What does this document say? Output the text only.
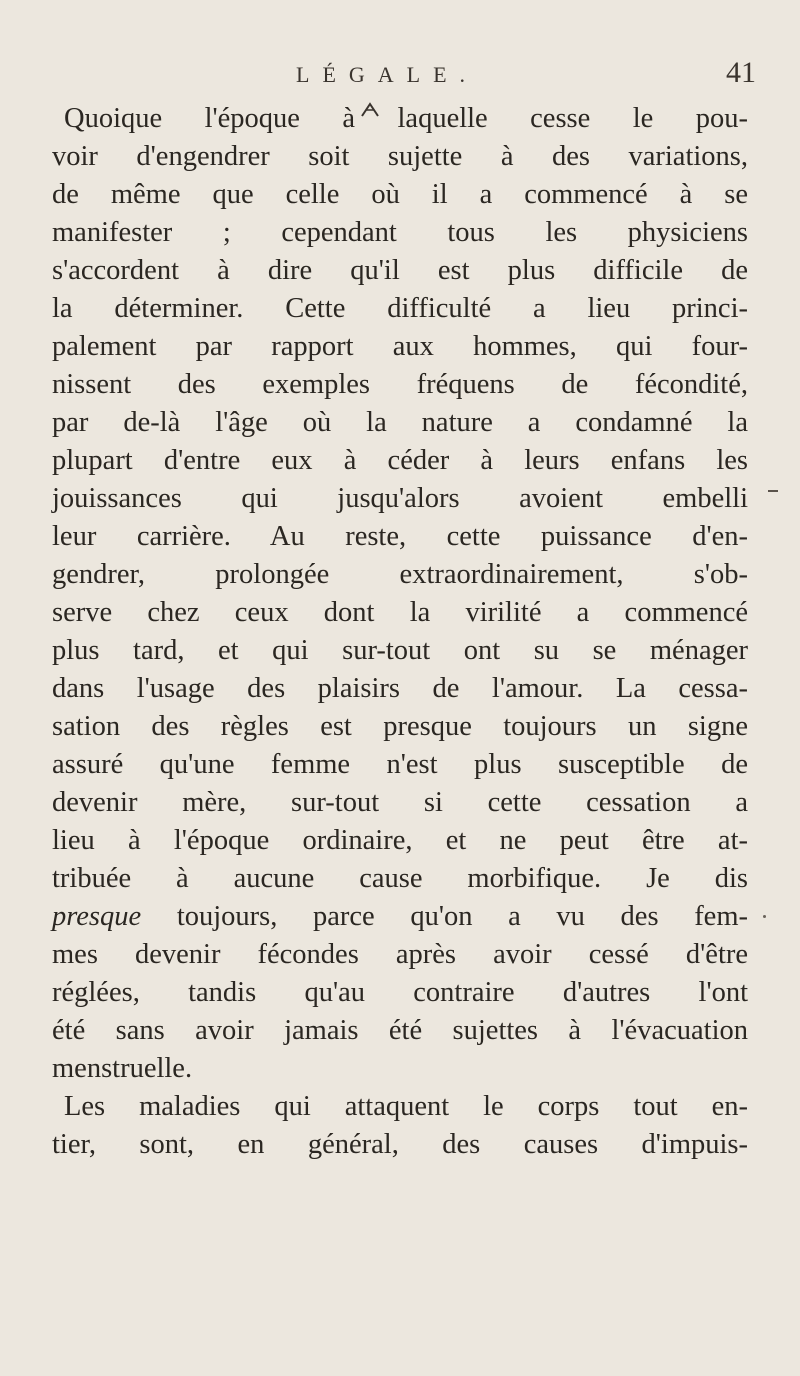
LÉGALE.	41
Quoique l'époque à laquelle cesse le pou-
voir d'engendrer soit sujette à des variations,
de même que celle où il a commencé à se
manifester ; cependant tous les physiciens
s'accordent à dire qu'il est plus difficile de
la déterminer. Cette difficulté a lieu princi-
palement par rapport aux hommes, qui four-
nissent des exemples fréquens de fécondité,
par de-là l'âge où la nature a condamné la
plupart d'entre eux à céder à leurs enfans les
jouissances qui jusqu'alors avoient embelli
leur carrière. Au reste, cette puissance d'en-
gendrer, prolongée extraordinairement, s'ob-
serve chez ceux dont la virilité a commencé
plus tard, et qui sur-tout ont su se ménager
dans l'usage des plaisirs de l'amour. La cessa-
sation des règles est presque toujours un signe
assuré qu'une femme n'est plus susceptible de
devenir mère, sur-tout si cette cessation a
lieu à l'époque ordinaire, et ne peut être at-
tribuée à aucune cause morbifique. Je dis
presque toujours, parce qu'on a vu des fem-
mes devenir fécondes après avoir cessé d'être
réglées, tandis qu'au contraire d'autres l'ont
été sans avoir jamais été sujettes à l'évacuation
menstruelle.
Les maladies qui attaquent le corps tout en-
tier, sont, en général, des causes d'impuis-
